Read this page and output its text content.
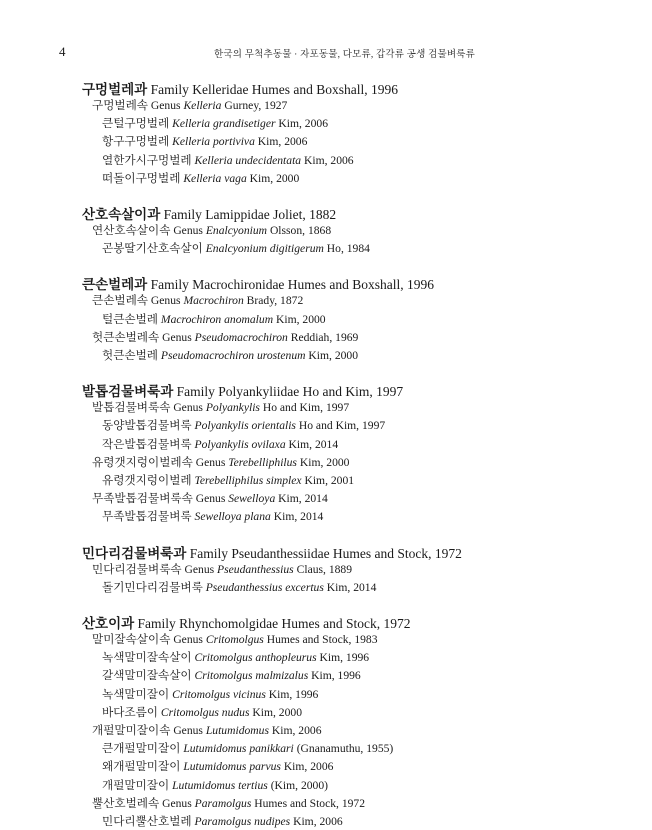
4	한국의 무척추동물 · 자포동물, 다모류, 갑각류 공생 검물벼룩류
구멍벌레과 Family Kelleridae Humes and Boxshall, 1996
구멍벌레속 Genus Kelleria Gurney, 1927
큰털구멍벌레 Kelleria grandisetiger Kim, 2006
항구구멍벌레 Kelleria portiviva Kim, 2006
열한가시구멍벌레 Kelleria undecidentata Kim, 2006
떠돌이구멍벌레 Kelleria vaga Kim, 2000
산호속살이과 Family Lamippidae Joliet, 1882
연산호속살이속 Genus Enalcyonium Olsson, 1868
곤봉딸기산호속살이 Enalcyonium digitigerum Ho, 1984
큰손벌레과 Family Macrochironidae Humes and Boxshall, 1996
큰손벌레속 Genus Macrochiron Brady, 1872
털큰손벌레 Macrochiron anomalum Kim, 2000
헛큰손벌레속 Genus Pseudomacrochiron Reddiah, 1969
헛큰손벌레 Pseudomacrochiron urostenum Kim, 2000
발톱검물벼룩과 Family Polyankyliidae Ho and Kim, 1997
발톱검물벼룩속 Genus Polyankylis Ho and Kim, 1997
동양발톱검물벼룩 Polyankylis orientalis Ho and Kim, 1997
작은발톱검물벼룩 Polyankylis ovilaxa Kim, 2014
유령갯지렁이벌레속 Genus Terebelliphilus Kim, 2000
유령갯지렁이벌레 Terebelliphilus simplex Kim, 2001
무족발톱검물벼룩속 Genus Sewelloya Kim, 2014
무족발톱검물벼룩 Sewelloya plana Kim, 2014
민다리검물벼룩과 Family Pseudanthessiidae Humes and Stock, 1972
민다리검물벼룩속 Genus Pseudanthessius Claus, 1889
돌기민다리검물벼룩 Pseudanthessius excertus Kim, 2014
산호이과 Family Rhynchomolgidae Humes and Stock, 1972
말미잘속살이속 Genus Critomolgus Humes and Stock, 1983
녹색말미잘속살이 Critomolgus anthopleurus Kim, 1996
갈색말미잘속살이 Critomolgus malmizalus Kim, 1996
녹색말미잘이 Critomolgus vicinus Kim, 1996
바다조름이 Critomolgus nudus Kim, 2000
개펄말미잘이속 Genus Lutumidomus Kim, 2006
큰개펄말미잘이 Lutumidomus panikkari (Gnanamuthu, 1955)
왜개펄말미잘이 Lutumidomus parvus Kim, 2006
개펄말미잘이 Lutumidomus tertius (Kim, 2000)
뿔산호벌레속 Genus Paramolgus Humes and Stock, 1972
민다리뿔산호벌레 Paramolgus nudipes Kim, 2006
